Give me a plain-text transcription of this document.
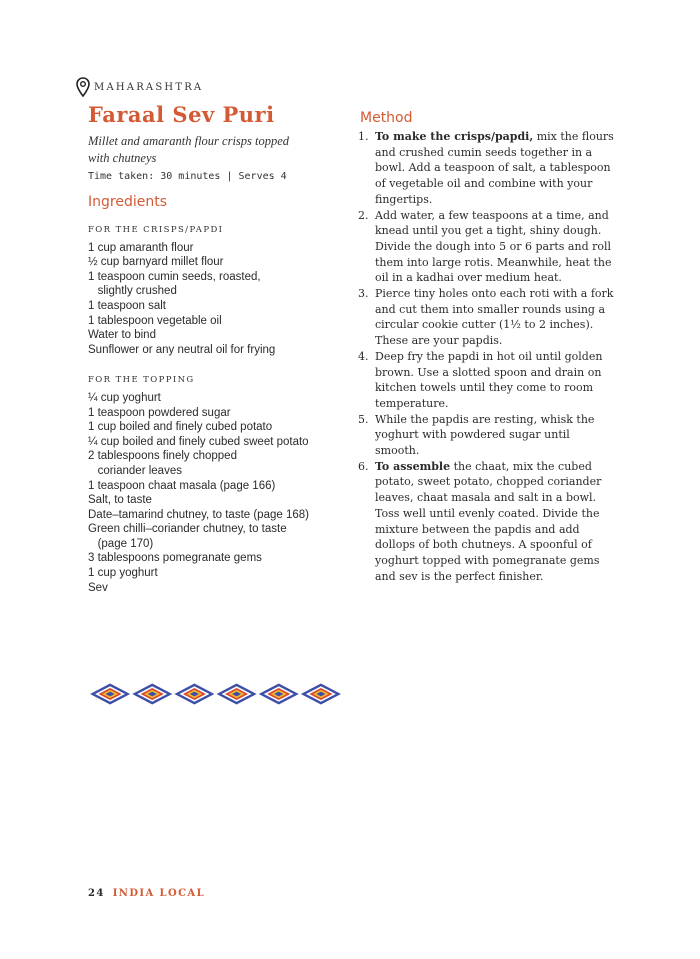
MAHARASHTRA
Faraal Sev Puri
Millet and amaranth flour crisps topped with chutneys
Time taken: 30 minutes | Serves 4
Ingredients
FOR THE CRISPS/PAPDI
1 cup amaranth flour
½ cup barnyard millet flour
1 teaspoon cumin seeds, roasted,
slightly crushed
1 teaspoon salt
1 tablespoon vegetable oil
Water to bind
Sunflower or any neutral oil for frying
FOR THE TOPPING
¼ cup yoghurt
1 teaspoon powdered sugar
1 cup boiled and finely cubed potato
¼ cup boiled and finely cubed sweet potato
2 tablespoons finely chopped
coriander leaves
1 teaspoon chaat masala (page 166)
Salt, to taste
Date–tamarind chutney, to taste (page 168)
Green chilli–coriander chutney, to taste
(page 170)
3 tablespoons pomegranate gems
1 cup yoghurt
Sev
Method
1. To make the crisps/papdi, mix the flours and crushed cumin seeds together in a bowl. Add a teaspoon of salt, a tablespoon of vegetable oil and combine with your fingertips.
2. Add water, a few teaspoons at a time, and knead until you get a tight, shiny dough. Divide the dough into 5 or 6 parts and roll them into large rotis. Meanwhile, heat the oil in a kadhai over medium heat.
3. Pierce tiny holes onto each roti with a fork and cut them into smaller rounds using a circular cookie cutter (1½ to 2 inches). These are your papdis.
4. Deep fry the papdi in hot oil until golden brown. Use a slotted spoon and drain on kitchen towels until they come to room temperature.
5. While the papdis are resting, whisk the yoghurt with powdered sugar until smooth.
6. To assemble the chaat, mix the cubed potato, sweet potato, chopped coriander leaves, chaat masala and salt in a bowl. Toss well until evenly coated. Divide the mixture between the papdis and add dollops of both chutneys. A spoonful of yoghurt topped with pomegranate gems and sev is the perfect finisher.
24 INDIA LOCAL
